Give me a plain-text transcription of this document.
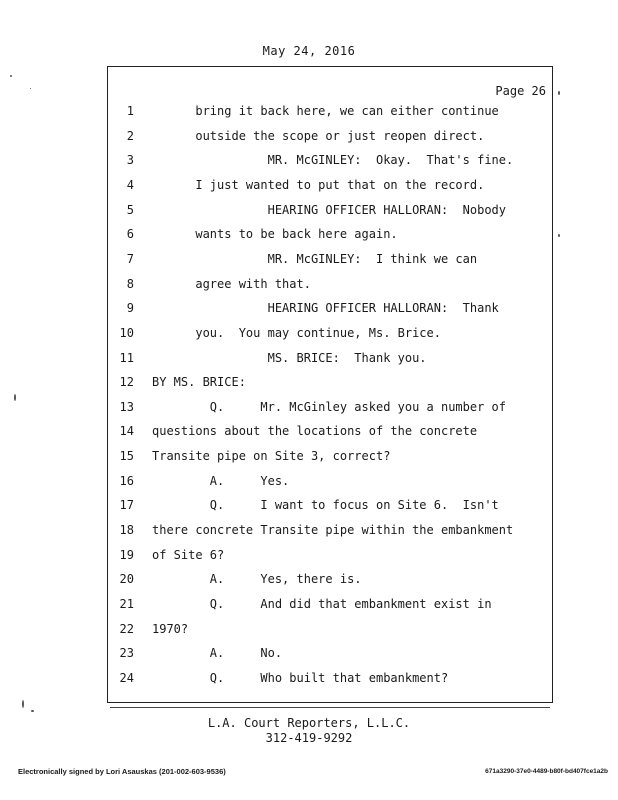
May 24, 2016
Page 26
1 bring it back here, we can either continue
2 outside the scope or just reopen direct.
3 MR. McGINLEY:  Okay.  That's fine.
4 I just wanted to put that on the record.
5 HEARING OFFICER HALLORAN:  Nobody
6 wants to be back here again.
7 MR. McGINLEY:  I think we can
8 agree with that.
9 HEARING OFFICER HALLORAN:  Thank
10 you.  You may continue, Ms. Brice.
11 MS. BRICE:  Thank you.
12 BY MS. BRICE:
13 Q.     Mr. McGinley asked you a number of
14 questions about the locations of the concrete
15 Transite pipe on Site 3, correct?
16 A.     Yes.
17 Q.     I want to focus on Site 6.  Isn't
18 there concrete Transite pipe within the embankment
19 of Site 6?
20 A.     Yes, there is.
21 Q.     And did that embankment exist in
22 1970?
23 A.     No.
24 Q.     Who built that embankment?
L.A. Court Reporters, L.L.C.
312-419-9292
Electronically signed by Lori Asauskas (201-002-603-9536)	671a3290-37e0-4489-b80f-bd407fce1a2b
